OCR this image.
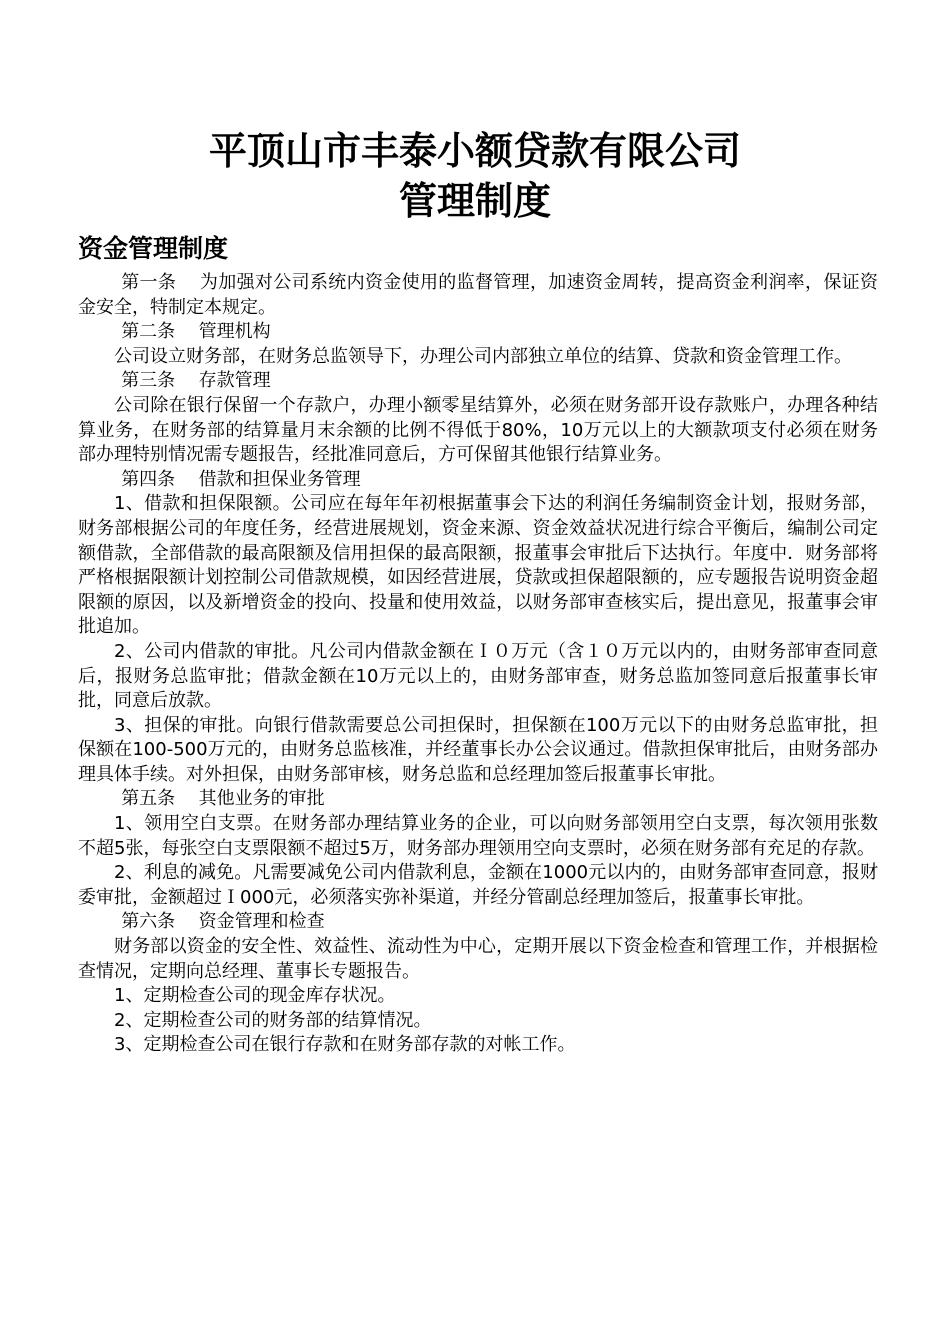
平顶山市丰泰小额贷款有限公司
管理制度
资金管理制度

第一条 为加强对公司系统内资金使用的监督管理，加速资金周转，提高资金利润率，保证资金安全，特制定本规定。

第二条 管理机构

公司设立财务部，在财务总监领导下，办理公司内部独立单位的结算、贷款和资金管理工作。

第三条 存款管理

公司除在银行保留一个存款户，办理小额零星结算外，必须在财务部开设存款账户，办理各种结算业务，在财务部的结算量月末余额的比例不得低于80%，10万元以上的大额款项支付必须在财务部办理特别情况需专题报告，经批准同意后，方可保留其他银行结算业务。

第四条 借款和担保业务管理

1、借款和担保限额。公司应在每年年初根据董事会下达的利润任务编制资金计划，报财务部，财务部根据公司的年度任务，经营进展规划，资金来源、资金效益状况进行综合平衡后，编制公司定额借款，全部借款的最高限额及信用担保的最高限额，报董事会审批后下达执行。年度中．财务部将严格根据限额计划控制公司借款规模，如因经营进展，贷款或担保超限额的，应专题报告说明资金超限额的原因，以及新增资金的投向、投量和使用效益，以财务部审查核实后，提出意见，报董事会审批追加。

2、公司内借款的审批。凡公司内借款金额在Ｉ０万元（含１０万元以内的，由财务部审查同意后，报财务总监审批；借款金额在10万元以上的，由财务部审查，财务总监加签同意后报董事长审批，同意后放款。

3、担保的审批。向银行借款需要总公司担保时，担保额在100万元以下的由财务总监审批，担保额在100-500万元的，由财务总监核准，并经董事长办公会议通过。借款担保审批后，由财务部办理具体手续。对外担保，由财务部审核，财务总监和总经理加签后报董事长审批。

第五条 其他业务的审批

1、领用空白支票。在财务部办理结算业务的企业，可以向财务部领用空白支票，每次领用张数不超5张，每张空白支票限额不超过5万，财务部办理领用空向支票时，必须在财务部有充足的存款。

2、利息的减免。凡需要减免公司内借款利息，金额在1000元以内的，由财务部审查同意，报财委审批，金额超过Ｉ000元，必须落实弥补渠道，并经分管副总经理加签后，报董事长审批。

第六条 资金管理和检查

财务部以资金的安全性、效益性、流动性为中心，定期开展以下资金检查和管理工作，并根据检查情况，定期向总经理、董事长专题报告。

1、定期检查公司的现金库存状况。

2、定期检查公司的财务部的结算情况。

3、定期检查公司在银行存款和在财务部存款的对帐工作。
